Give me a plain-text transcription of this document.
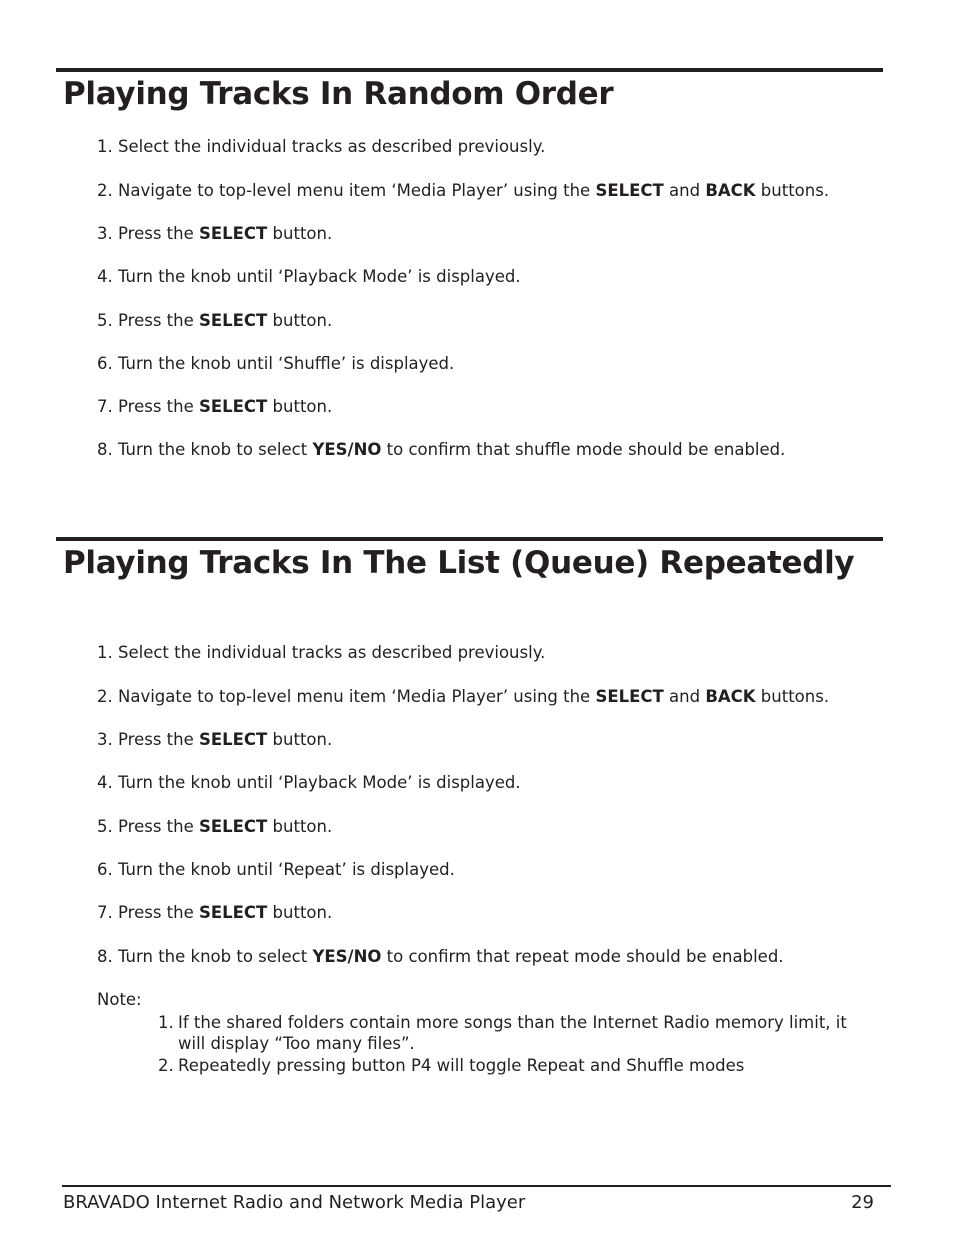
Playing Tracks In Random Order
1. Select the individual tracks as described previously.
2. Navigate to top-level menu item ‘Media Player’ using the SELECT and BACK buttons.
3. Press the SELECT button.
4. Turn the knob until ‘Playback Mode’ is displayed.
5. Press the SELECT button.
6. Turn the knob until ‘Shuffle’ is displayed.
7. Press the SELECT button.
8. Turn the knob to select YES/NO to confirm that shuffle mode should be enabled.
Playing Tracks In The List (Queue) Repeatedly
1. Select the individual tracks as described previously.
2. Navigate to top-level menu item ‘Media Player’ using the SELECT and BACK buttons.
3. Press the SELECT button.
4. Turn the knob until ‘Playback Mode’ is displayed.
5. Press the SELECT button.
6. Turn the knob until ‘Repeat’ is displayed.
7. Press the SELECT button.
8. Turn the knob to select YES/NO to confirm that repeat mode should be enabled.
Note:
1. If the shared folders contain more songs than the Internet Radio memory limit, it
will display “Too many files”.
2. Repeatedly pressing button P4 will toggle Repeat and Shuffle modes
BRAVADO Internet Radio and Network Media Player	29
